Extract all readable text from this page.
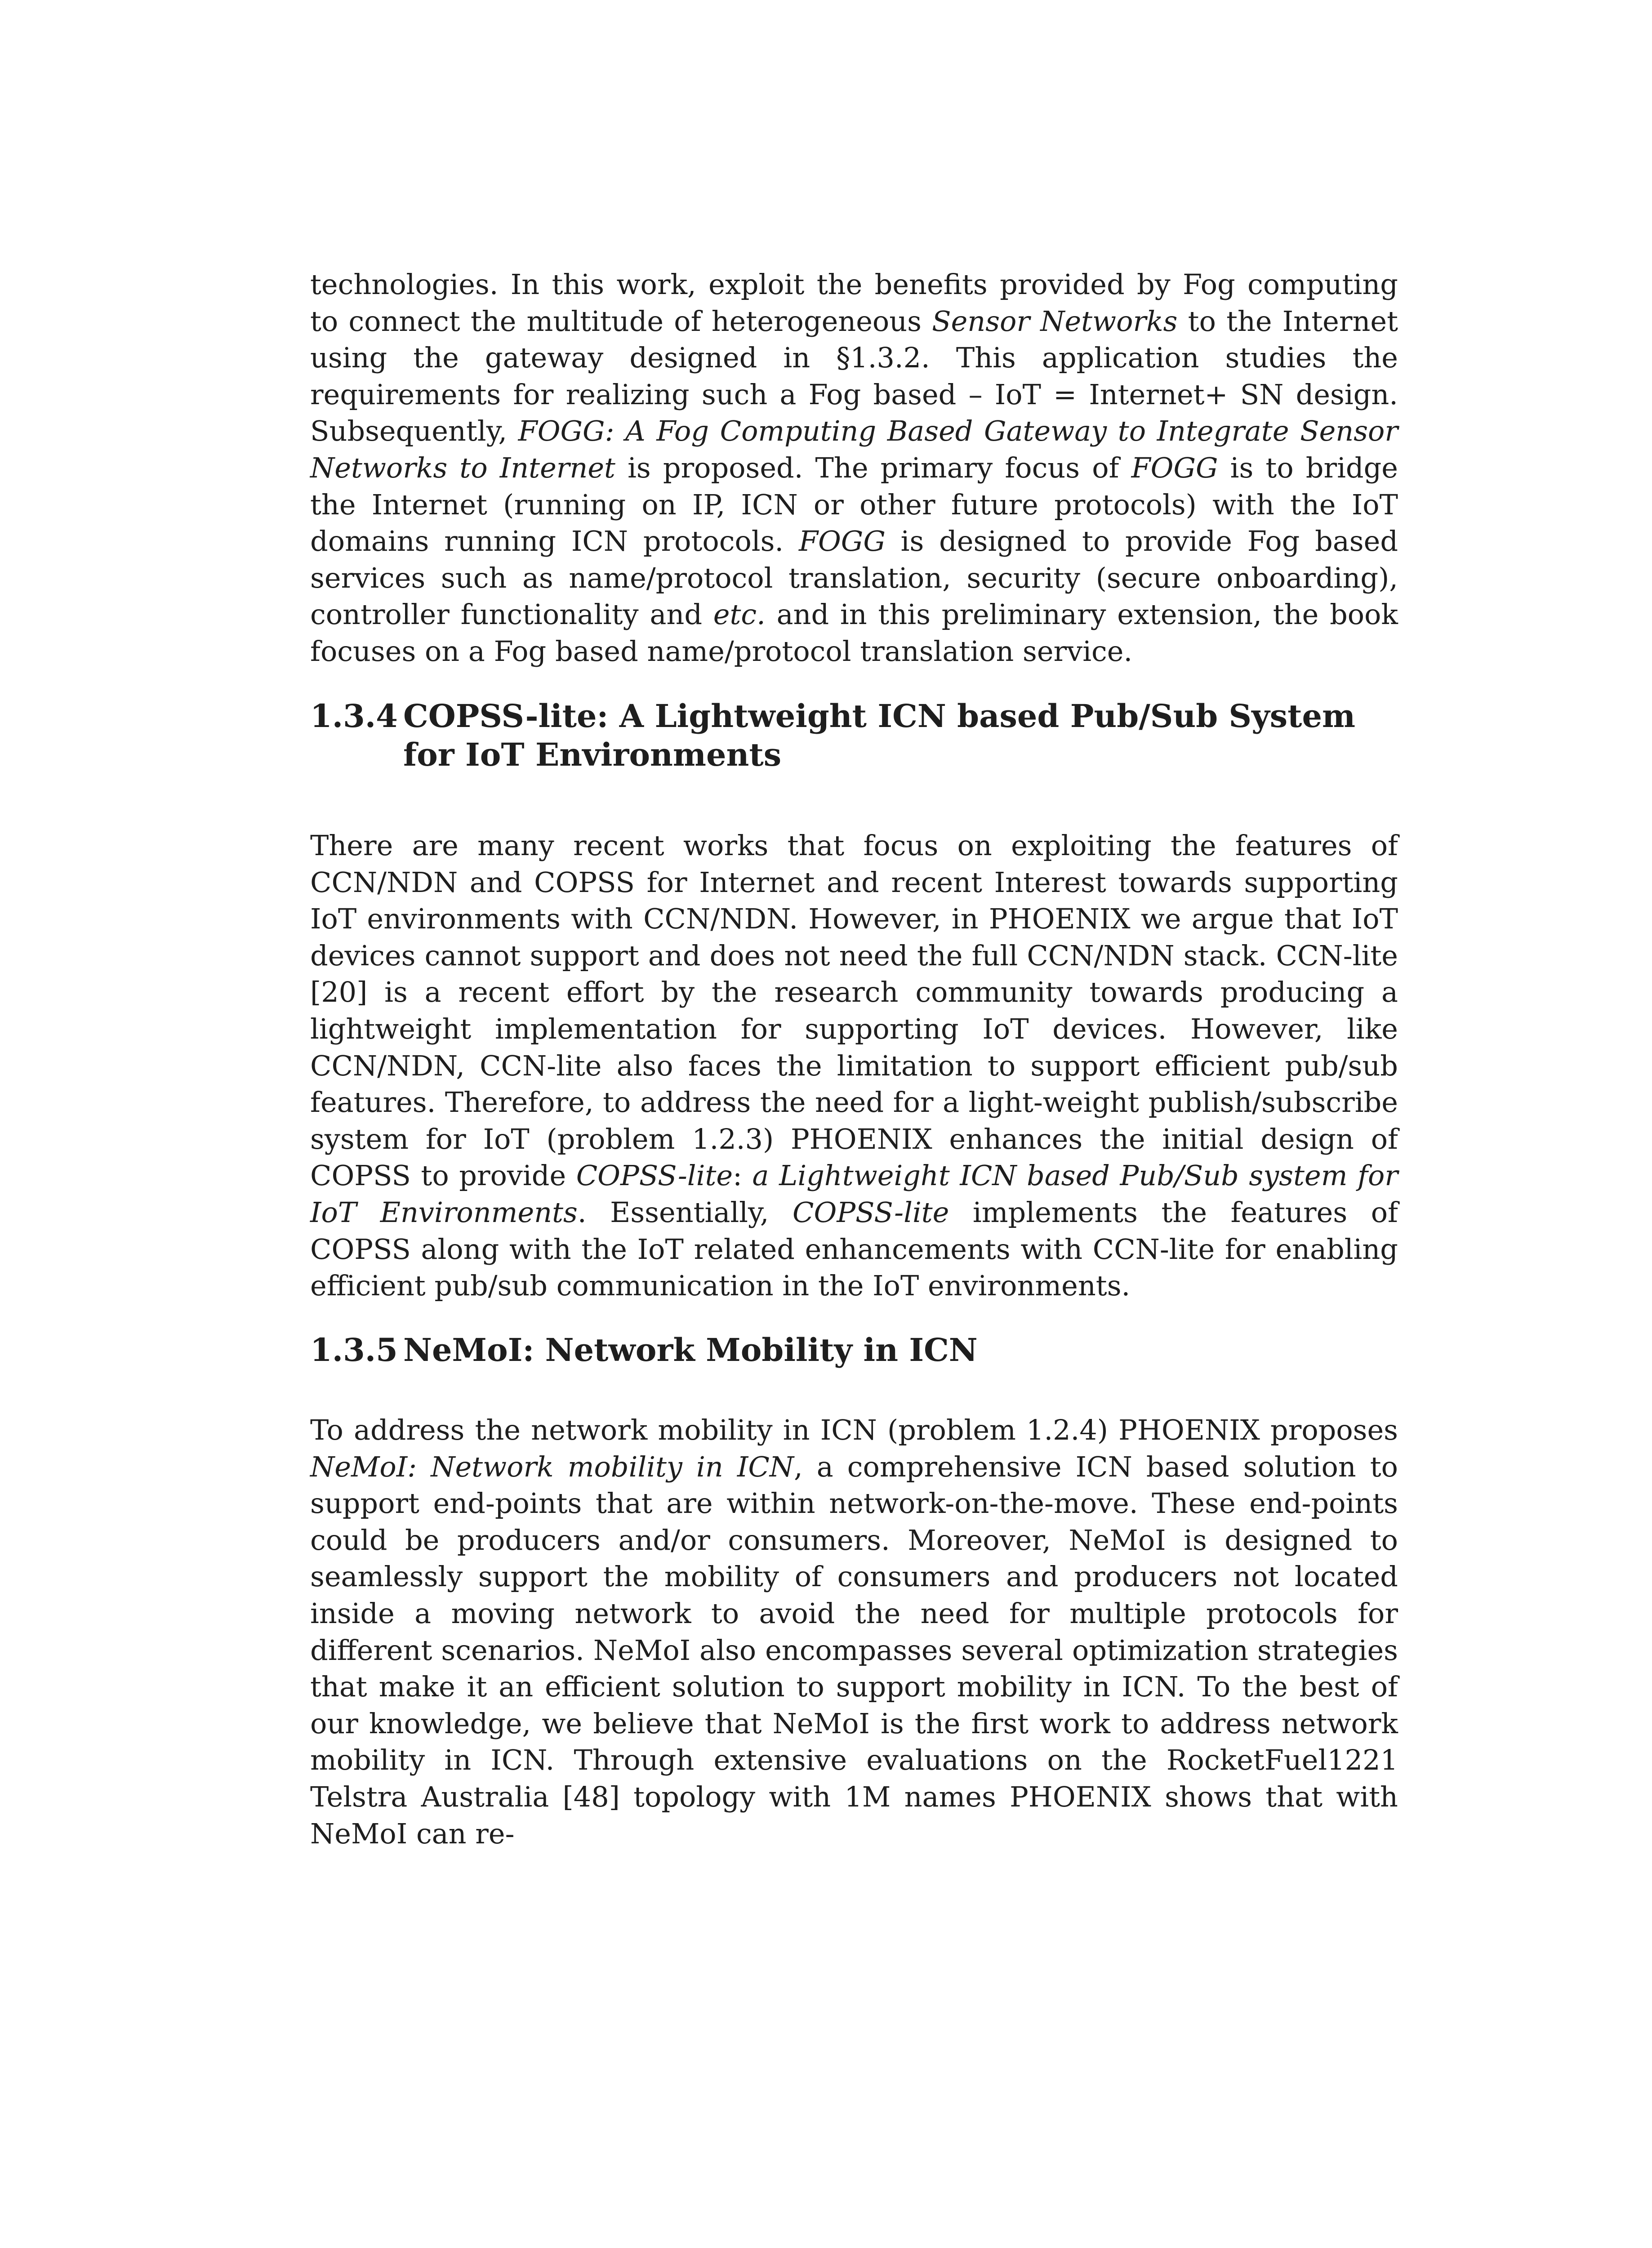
technologies. In this work, exploit the benefits provided by Fog computing to connect the multitude of heterogeneous Sensor Networks to the Internet using the gateway designed in §1.3.2. This application studies the requirements for realizing such a Fog based – IoT = Internet+ SN design. Subsequently, FOGG: A Fog Computing Based Gateway to Integrate Sensor Networks to Internet is proposed. The primary focus of FOGG is to bridge the Internet (running on IP, ICN or other future protocols) with the IoT domains running ICN protocols. FOGG is designed to provide Fog based services such as name/protocol translation, security (secure onboarding), controller functionality and etc. and in this preliminary extension, the book focuses on a Fog based name/protocol translation service.

1.3.4 COPSS-lite: A Lightweight ICN based Pub/Sub System for IoT Environments

There are many recent works that focus on exploiting the features of CCN/NDN and COPSS for Internet and recent Interest towards supporting IoT environments with CCN/NDN. However, in PHOENIX we argue that IoT devices cannot support and does not need the full CCN/NDN stack. CCN-lite [20] is a recent effort by the research community towards producing a lightweight implementation for supporting IoT devices. However, like CCN/NDN, CCN-lite also faces the limitation to support efficient pub/sub features. Therefore, to address the need for a light-weight publish/subscribe system for IoT (problem 1.2.3) PHOENIX enhances the initial design of COPSS to provide COPSS-lite: a Lightweight ICN based Pub/Sub system for IoT Environments. Essentially, COPSS-lite implements the features of COPSS along with the IoT related enhancements with CCN-lite for enabling efficient pub/sub communication in the IoT environments.

1.3.5 NeMoI: Network Mobility in ICN

To address the network mobility in ICN (problem 1.2.4) PHOENIX proposes NeMoI: Network mobility in ICN, a comprehensive ICN based solution to support end-points that are within network-on-the-move. These end-points could be producers and/or consumers. Moreover, NeMoI is designed to seamlessly support the mobility of consumers and producers not located inside a moving network to avoid the need for multiple protocols for different scenarios. NeMoI also encompasses several optimization strategies that make it an efficient solution to support mobility in ICN. To the best of our knowledge, we believe that NeMoI is the first work to address network mobility in ICN. Through extensive evaluations on the RocketFuel1221 Telstra Australia [48] topology with 1M names PHOENIX shows that with NeMoI can re-
